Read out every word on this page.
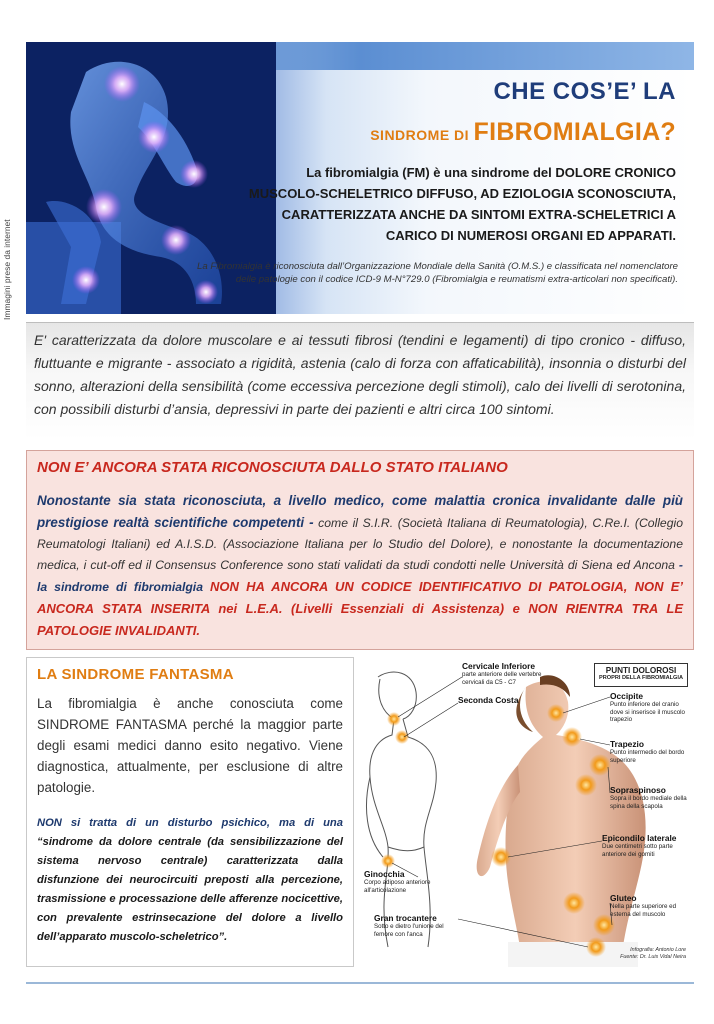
Immagini prese da internet
CHE COS’E’ LA
SINDROME DI FIBROMIALGIA?

La fibromialgia (FM) è una sindrome del DOLORE CRONICO MUSCOLO-SCHELETRICO DIFFUSO, AD EZIOLOGIA SCONOSCIUTA, CARATTERIZZATA ANCHE DA SINTOMI EXTRA-SCHELETRICI A CARICO DI NUMEROSI ORGANI ED APPARATI.

La Fibromialgia è riconosciuta dall’Organizzazione Mondiale della Sanità (O.M.S.) e classificata nel nomenclatore delle patologie con il codice ICD-9 M-N°729.0 (Fibromialgia e reumatismi extra-articolari non specificati).

E' caratterizzata da dolore muscolare e ai tessuti fibrosi (tendini e legamenti) di tipo cronico - diffuso, fluttuante e migrante - associato a rigidità, astenia (calo di forza con affaticabilità), insonnia o disturbi del sonno, alterazioni della sensibilità (come eccessiva percezione degli stimoli), calo dei livelli di serotonina, con possibili disturbi d’ansia, depressivi in parte dei pazienti e altri circa 100 sintomi.

NON E’ ANCORA STATA RICONOSCIUTA DALLO STATO ITALIANO

Nonostante sia stata riconosciuta, a livello medico, come malattia cronica invalidante dalle più prestigiose realtà scientifiche competenti - come il S.I.R. (Società Italiana di Reumatologia), C.Re.I. (Collegio Reumatologi Italiani) ed A.I.S.D. (Associazione Italiana per lo Studio del Dolore), e nonostante la documentazione medica, i cut-off ed il Consensus Conference sono stati validati da studi condotti nelle Università di Siena ed Ancona - la sindrome di fibromialgia NON HA ANCORA UN CODICE IDENTIFICATIVO DI PATOLOGIA, NON E’ ANCORA STATA INSERITA nei L.E.A. (Livelli Essenziali di Assistenza) e NON RIENTRA TRA LE PATOLOGIE INVALIDANTI.

LA SINDROME FANTASMA

La fibromialgia è anche conosciuta come SINDROME FANTASMA perché la maggior parte degli esami medici danno esito negativo. Viene diagnostica, attualmente, per esclusione di altre patologie.

NON si tratta di un disturbo psichico, ma di una “sindrome da dolore centrale (da sensibilizzazione del sistema nervoso centrale) caratterizzata dalla disfunzione dei neurocircuiti preposti alla percezione, trasmissione e processazione delle afferenze nocicettive, con prevalente estrinsecazione del dolore a livello dell’apparato muscolo-scheletrico”.

PUNTI DOLOROSI
PROPRI DELLA FIBROMIALGIA
Cervicale Inferiore
parte anteriore delle vertebre cervicali da C5 - C7
Seconda Costa	Occipite
Punto inferiore del cranio dove si inserisce il muscolo trapezio
Trapezio
Punto intermedio del bordo superiore
Sopraspinoso
Sopra il bordo mediale della spina della scapola
Epicondilo laterale
Due centimetri sotto parte anteriore dei gomiti
Ginocchia
Corpo adiposo anteriore all'articolazione
Gluteo
Nella parte superiore ed esterna del muscolo
Gran trocantere
Sotto e dietro l'unione del femore con l'anca
Infografia: Antonio Lore
Fuente: Dr. Luis Vidal Neira
